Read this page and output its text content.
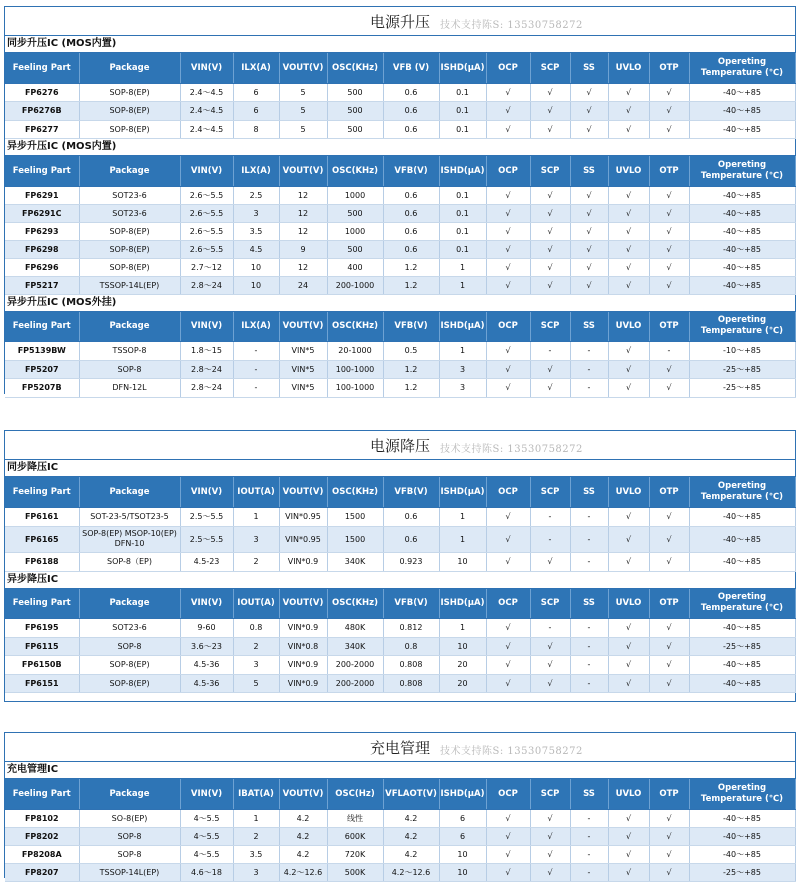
电源升压	技术支持陈S: 13530758272
同步升压IC (MOS内置)
Feeling Part	Package	VIN(V)	ILX(A)	VOUT(V)	OSC(KHz)	VFB (V)	ISHD(μA)	OCP	SCP	SS	UVLO	OTP	Opereting Temperature (℃)
FP6276	SOP-8(EP)	2.4～4.5	6	5	500	0.6	0.1	√	√	√	√	√	-40～+85
FP6276B	SOP-8(EP)	2.4～4.5	6	5	500	0.6	0.1	√	√	√	√	√	-40～+85
FP6277	SOP-8(EP)	2.4～4.5	8	5	500	0.6	0.1	√	√	√	√	√	-40～+85
异步升压IC (MOS内置)
Feeling Part	Package	VIN(V)	ILX(A)	VOUT(V)	OSC(KHz)	VFB(V)	ISHD(μA)	OCP	SCP	SS	UVLO	OTP	Opereting Temperature (℃)
FP6291	SOT23-6	2.6～5.5	2.5	12	1000	0.6	0.1	√	√	√	√	√	-40～+85
FP6291C	SOT23-6	2.6～5.5	3	12	500	0.6	0.1	√	√	√	√	√	-40～+85
FP6293	SOP-8(EP)	2.6～5.5	3.5	12	1000	0.6	0.1	√	√	√	√	√	-40～+85
FP6298	SOP-8(EP)	2.6～5.5	4.5	9	500	0.6	0.1	√	√	√	√	√	-40～+85
FP6296	SOP-8(EP)	2.7～12	10	12	400	1.2	1	√	√	√	√	√	-40～+85
FP5217	TSSOP-14L(EP)	2.8～24	10	24	200-1000	1.2	1	√	√	√	√	√	-40～+85
异步升压IC (MOS外挂)
Feeling Part	Package	VIN(V)	ILX(A)	VOUT(V)	OSC(KHz)	VFB(V)	ISHD(μA)	OCP	SCP	SS	UVLO	OTP	Opereting Temperature (℃)
FP5139BW	TSSOP-8	1.8～15	-	VIN*5	20-1000	0.5	1	√	-	-	√	-	-10～+85
FP5207	SOP-8	2.8～24	-	VIN*5	100-1000	1.2	3	√	√	-	√	√	-25～+85
FP5207B	DFN-12L	2.8～24	-	VIN*5	100-1000	1.2	3	√	√	-	√	√	-25～+85
电源降压	技术支持陈S: 13530758272
同步降压IC
Feeling Part	Package	VIN(V)	IOUT(A)	VOUT(V)	OSC(KHz)	VFB(V)	ISHD(μA)	OCP	SCP	SS	UVLO	OTP	Opereting Temperature (℃)
FP6161	SOT-23-5/TSOT23-5	2.5～5.5	1	VIN*0.95	1500	0.6	1	√	-	-	√	√	-40～+85
FP6165	SOP-8(EP) MSOP-10(EP) DFN-10	2.5～5.5	3	VIN*0.95	1500	0.6	1	√	-	-	√	√	-40～+85
FP6188	SOP-8（EP)	4.5-23	2	VIN*0.9	340K	0.923	10	√	√	-	√	√	-40～+85
异步降压IC
Feeling Part	Package	VIN(V)	IOUT(A)	VOUT(V)	OSC(KHz)	VFB(V)	ISHD(μA)	OCP	SCP	SS	UVLO	OTP	Opereting Temperature (℃)
FP6195	SOT23-6	9-60	0.8	VIN*0.9	480K	0.812	1	√	-	-	√	√	-40～+85
FP6115	SOP-8	3.6～23	2	VIN*0.8	340K	0.8	10	√	√	-	√	√	-25～+85
FP6150B	SOP-8(EP)	4.5-36	3	VIN*0.9	200-2000	0.808	20	√	√	-	√	√	-40～+85
FP6151	SOP-8(EP)	4.5-36	5	VIN*0.9	200-2000	0.808	20	√	√	-	√	√	-40～+85
充电管理	技术支持陈S: 13530758272
充电管理IC
Feeling Part	Package	VIN(V)	IBAT(A)	VOUT(V)	OSC(Hz)	VFLAOT(V)	ISHD(μA)	OCP	SCP	SS	UVLO	OTP	Opereting Temperature (℃)
FP8102	SO-8(EP)	4～5.5	1	4.2	线性	4.2	6	√	√	-	√	√	-40～+85
FP8202	SOP-8	4～5.5	2	4.2	600K	4.2	6	√	√	-	√	√	-40～+85
FP8208A	SOP-8	4～5.5	3.5	4.2	720K	4.2	10	√	√	-	√	√	-40～+85
FP8207	TSSOP-14L(EP)	4.6～18	3	4.2～12.6	500K	4.2～12.6	10	√	√	-	√	√	-25～+85
